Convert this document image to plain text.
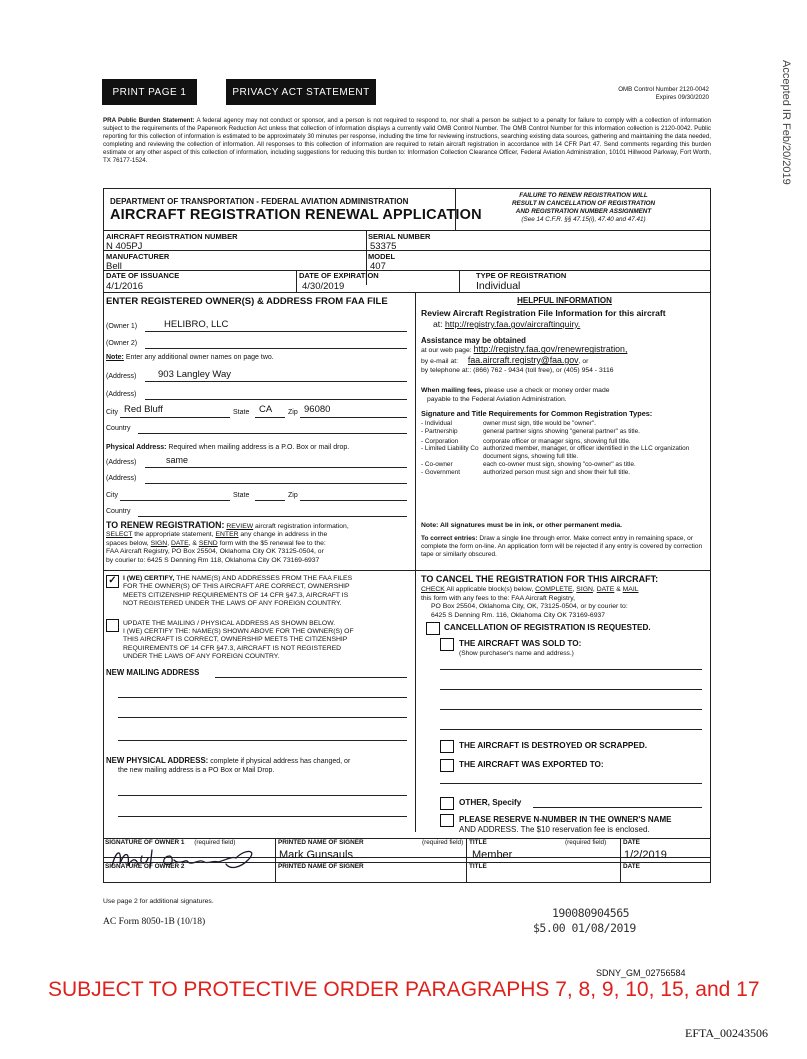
PRINT PAGE 1	PRIVACY ACT STATEMENT	OMB Control Number 2120-0042
Expires 09/30/2020	Accepted IR Feb/20/2019
PRA Public Burden Statement: A federal agency may not conduct or sponsor, and a person is not required to respond to, nor shall a person be subject to a penalty for failure to comply with a collection of information subject to the requirements of the Paperwork Reduction Act unless that collection of information displays a currently valid OMB Control Number. The OMB Control Number for this information collection is 2120-0042. Public reporting for this collection of information is estimated to be approximately 30 minutes per response, including the time for reviewing instructions, searching existing data sources, gathering and maintaining the data needed, completing and reviewing the collection of information. All responses to this collection of information are required to retain aircraft registration in accordance with 14 CFR Part 47. Send comments regarding this burden estimate or any other aspect of this collection of information, including suggestions for reducing this burden to: Information Collection Clearance Officer, Federal Aviation Administration, 10101 Hillwood Parkway, Fort Worth, TX 76177-1524.
DEPARTMENT OF TRANSPORTATION - FEDERAL AVIATION ADMINISTRATION
AIRCRAFT REGISTRATION RENEWAL APPLICATION
FAILURE TO RENEW REGISTRATION WILL
RESULT IN CANCELLATION OF REGISTRATION
AND REGISTRATION NUMBER ASSIGNMENT
(See 14 C.F.R. §§ 47.15(i), 47.40 and 47.41)
AIRCRAFT REGISTRATION NUMBER
N 405PJ
SERIAL NUMBER
53375
MANUFACTURER
Bell
MODEL
407
DATE OF ISSUANCE
4/1/2016
DATE OF EXPIRATION
4/30/2019
TYPE OF REGISTRATION
Individual
ENTER REGISTERED OWNER(S) & ADDRESS FROM FAA FILE
(Owner 1)	HELIBRO, LLC
(Owner 2)
Note: Enter any additional owner names on page two.
(Address) 903 Langley Way
(Address)
City Red Bluff	State CA Zip 96080
Country
Physical Address: Required when mailing address is a P.O. Box or mail drop.
(Address)	same
(Address)
City	State	Zip
Country
TO RENEW REGISTRATION: REVIEW aircraft registration information,
SELECT the appropriate statement, ENTER any change in address in the
spaces below, SIGN, DATE, & SEND form with the $5 renewal fee to the:
FAA Aircraft Registry, PO Box 25504, Oklahoma City OK 73125-0504, or
by courier to: 6425 S Denning Rm 118, Oklahoma City OK 73169-6937
✓ I (WE) CERTIFY, THE NAME(S) AND ADDRESSES FROM THE FAA FILES
FOR THE OWNER(S) OF THIS AIRCRAFT ARE CORRECT, OWNERSHIP
MEETS CITIZENSHIP REQUIREMENTS OF 14 CFR §47.3, AIRCRAFT IS
NOT REGISTERED UNDER THE LAWS OF ANY FOREIGN COUNTRY.
UPDATE THE MAILING / PHYSICAL ADDRESS AS SHOWN BELOW.
I (WE) CERTIFY THE: NAME(S) SHOWN ABOVE FOR THE OWNER(S) OF
THIS AIRCRAFT IS CORRECT, OWNERSHIP MEETS THE CITIZENSHIP
REQUIREMENTS OF 14 CFR §47.3, AIRCRAFT IS NOT REGISTERED
UNDER THE LAWS OF ANY FOREIGN COUNTRY.
NEW MAILING ADDRESS
NEW PHYSICAL ADDRESS: complete if physical address has changed, or
the new mailing address is a PO Box or Mail Drop.
HELPFUL INFORMATION
Review Aircraft Registration File Information for this aircraft
at: http://registry.faa.gov/aircraftinquiry.
Assistance may be obtained
at our web page: http://registry.faa.gov/renewregistration,
by e-mail at: faa.aircraft.registry@faa.gov, or
by telephone at:: (866) 762 - 9434 (toll free), or (405) 954 - 3116
When mailing fees, please use a check or money order made
payable to the Federal Aviation Administration.
Signature and Title Requirements for Common Registration Types:
- Individual	owner must sign, title would be "owner".
- Partnership	general partner signs showing "general partner" as title.
- Corporation	corporate officer or manager signs, showing full title.
- Limited Liability Co authorized member, manager, or officer identified in the LLC organization document signs, showing full title.
- Co-owner	each co-owner must sign, showing "co-owner" as title.
- Government	authorized person must sign and show their full title.
Note: All signatures must be in ink, or other permanent media.
To correct entries: Draw a single line through error. Make correct entry in remaining space, or complete the form on-line. An application form will be rejected if any entry is covered by correction tape or similarly obscured.
TO CANCEL THE REGISTRATION FOR THIS AIRCRAFT:
CHECK All applicable block(s) below, COMPLETE, SIGN, DATE & MAIL
this form with any fees to the: FAA Aircraft Registry,
PO Box 25504, Oklahoma City, OK, 73125-0504, or by courier to:
6425 S Denning Rm. 116, Oklahoma City OK 73169-6937
CANCELLATION OF REGISTRATION IS REQUESTED.
THE AIRCRAFT WAS SOLD TO:
(Show purchaser's name and address.)
THE AIRCRAFT IS DESTROYED OR SCRAPPED.
THE AIRCRAFT WAS EXPORTED TO:
OTHER, Specify
PLEASE RESERVE N-NUMBER IN THE OWNER'S NAME
AND ADDRESS. The $10 reservation fee is enclosed.
SIGNATURE OF OWNER 1 (required field)	PRINTED NAME OF SIGNER	(required field)
Mark Gunsauls
TITLE	(required field)
Member
DATE
1/2/2019
SIGNATURE OF OWNER 2	PRINTED NAME OF SIGNER	TITLE	DATE
Use page 2 for additional signatures.
AC Form 8050-1B (10/18)
190080904565
$5.00 01/08/2019
SDNY_GM_02756584
SUBJECT TO PROTECTIVE ORDER PARAGRAPHS 7, 8, 9, 10, 15, and 17
EFTA_00243506
